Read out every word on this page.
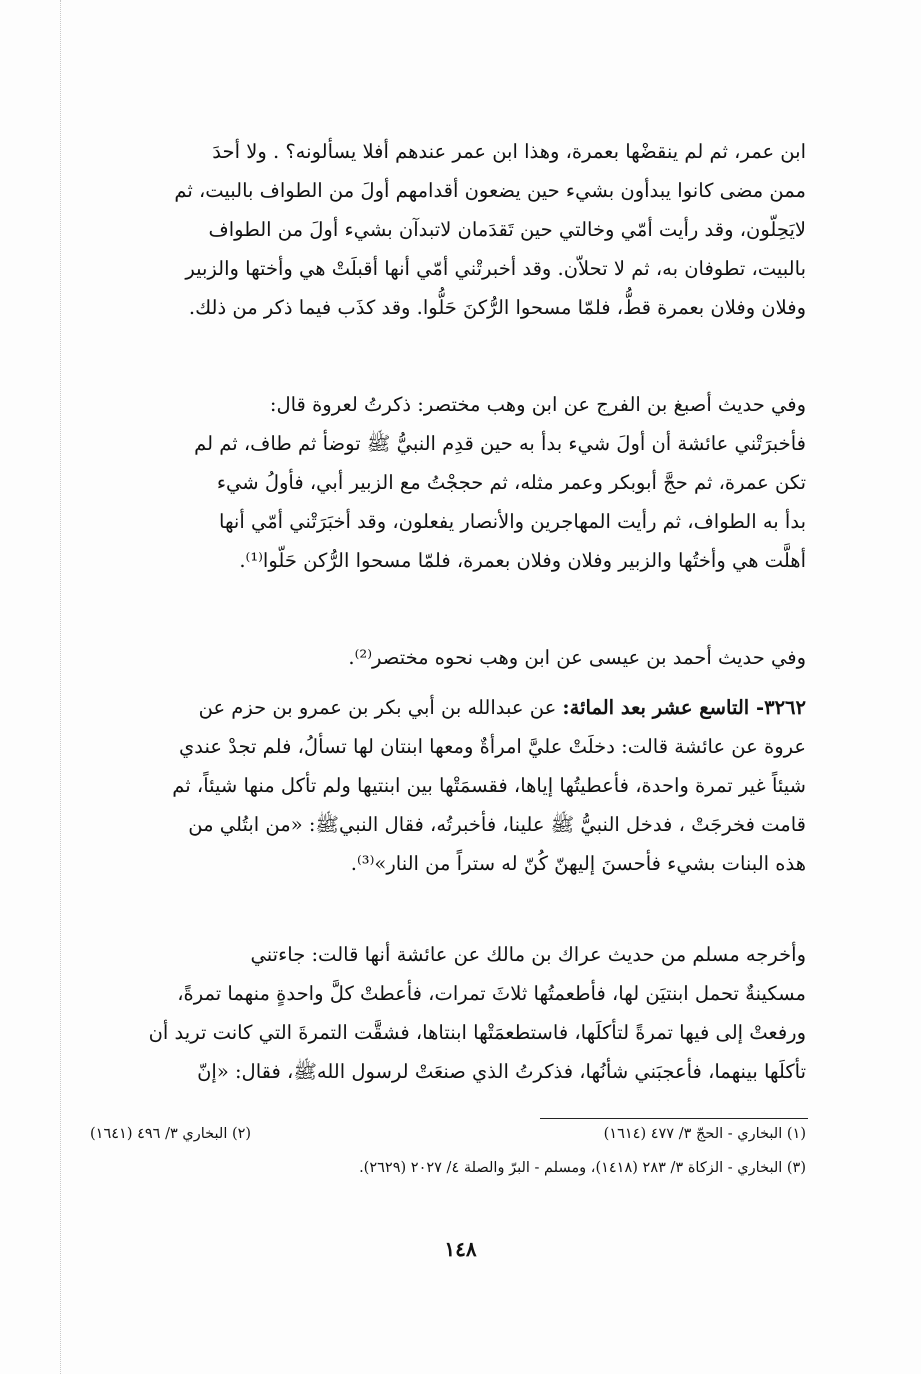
ابن عمر، ثم لم ينقضْها بعمرة، وهذا ابن عمر عندهم أفلا يسألونه؟ . ولا أحدَ

ممن مضى كانوا يبدأون بشيء حين يضعون أقدامهم أولَ من الطواف بالبيت، ثم

لايَحِلّون، وقد رأيت أمّي وخالتي حين تَقدَمان لاتبدآن بشيء أولَ من الطواف

بالبيت، تطوفان به، ثم لا تحلاّن. وقد أخبرتْني أمّي أنها أقبلَتْ هي وأختها والزبير

وفلان وفلان بعمرة قطُّ، فلمّا مسحوا الرُّكنَ حَلُّوا. وقد كذَب فيما ذكر من ذلك.

وفي حديث أصبغ بن الفرج عن ابن وهب مختصر: ذكرتُ لعروة قال:

فأخبرَتْني عائشة أن أولَ شيء بدأ به حين قدِم النبيُّ ﷺ توضأ ثم طاف، ثم لم

تكن عمرة، ثم حجَّ أبوبكر وعمر مثله، ثم حججْتُ مع الزبير أبي، فأولُ شيء

بدأ به الطواف، ثم رأيت المهاجرين والأنصار يفعلون، وقد أخبَرَتْني أمّي أنها

أهلَّت هي وأختُها والزبير وفلان وفلان بعمرة، فلمّا مسحوا الرُّكن حَلّوا⁽¹⁾.

وفي حديث أحمد بن عيسى عن ابن وهب نحوه مختصر⁽²⁾.

٣٢٦٢- التاسع عشر بعد المائة: عن عبدالله بن أبي بكر بن عمرو بن حزم عن

عروة عن عائشة قالت: دخلَتْ عليَّ امرأةٌ ومعها ابنتان لها تسألُ، فلم تجدْ عندي

شيئاً غير تمرة واحدة، فأعطيتُها إياها، فقسمَتْها بين ابنتيها ولم تأكل منها شيئاً، ثم

قامت فخرجَتْ ، فدخل النبيُّ ﷺ علينا، فأخبرتُه، فقال النبيﷺ: «من ابتُلي من

هذه البنات بشيء فأحسنَ إليهنّ كُنّ له ستراً من النار»⁽³⁾.

وأخرجه مسلم من حديث عراك بن مالك عن عائشة أنها قالت: جاءتني

مسكينةٌ تحمل ابنتيَن لها، فأطعمتُها ثلاثَ تمرات، فأعطتْ كلَّ واحدةٍ منهما تمرةً،

ورفعتْ إلى فيها تمرةً لتأكلَها، فاستطعمَتْها ابنتاها، فشقَّت التمرةَ التي كانت تريد أن

تأكلَها بينهما، فأعجبَني شأنُها، فذكرتُ الذي صنعَتْ لرسول اللهﷺ، فقال: «إنّ

(١) البخاري - الحجّ ٣/ ٤٧٧ (١٦١٤)
(٢) البخاري ٣/ ٤٩٦ (١٦٤١)
(٣) البخاري - الزكاة ٣/ ٢٨٣ (١٤١٨)، ومسلم - البرّ والصلة ٤/ ٢٠٢٧ (٢٦٢٩).
١٤٨
